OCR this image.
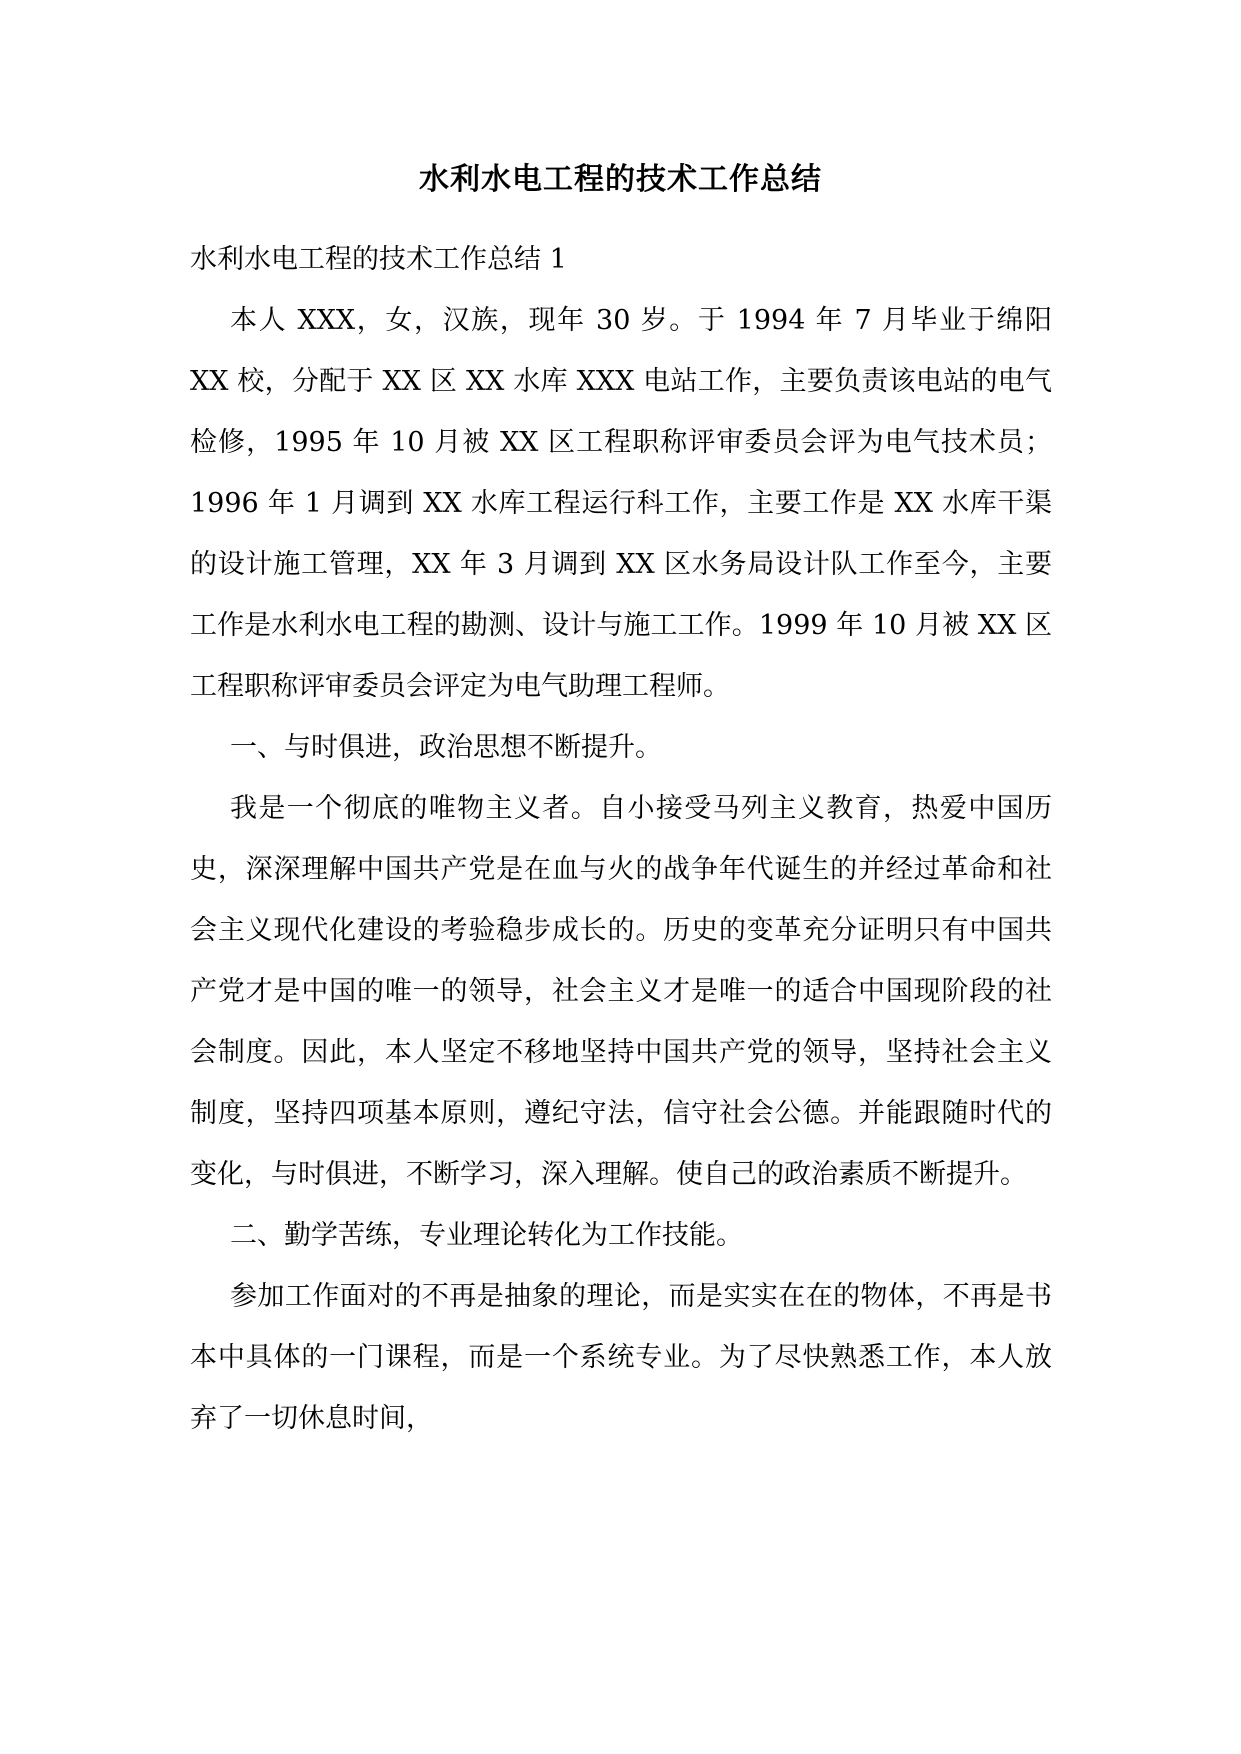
水利水电工程的技术工作总结

水利水电工程的技术工作总结 1

本人 XXX，女，汉族，现年 30 岁。于 1994 年 7 月毕业于绵阳 XX 校，分配于 XX 区 XX 水库 XXX 电站工作，主要负责该电站的电气检修，1995 年 10 月被 XX 区工程职称评审委员会评为电气技术员；1996 年 1 月调到 XX 水库工程运行科工作，主要工作是 XX 水库干渠的设计施工管理，XX 年 3 月调到 XX 区水务局设计队工作至今，主要工作是水利水电工程的勘测、设计与施工工作。1999 年 10 月被 XX 区工程职称评审委员会评定为电气助理工程师。

一、与时俱进，政治思想不断提升。

我是一个彻底的唯物主义者。自小接受马列主义教育，热爱中国历史，深深理解中国共产党是在血与火的战争年代诞生的并经过革命和社会主义现代化建设的考验稳步成长的。历史的变革充分证明只有中国共产党才是中国的唯一的领导，社会主义才是唯一的适合中国现阶段的社会制度。因此，本人坚定不移地坚持中国共产党的领导，坚持社会主义制度，坚持四项基本原则，遵纪守法，信守社会公德。并能跟随时代的变化，与时俱进，不断学习，深入理解。使自己的政治素质不断提升。

二、勤学苦练，专业理论转化为工作技能。

参加工作面对的不再是抽象的理论，而是实实在在的物体，不再是书本中具体的一门课程，而是一个系统专业。为了尽快熟悉工作，本人放弃了一切休息时间，
